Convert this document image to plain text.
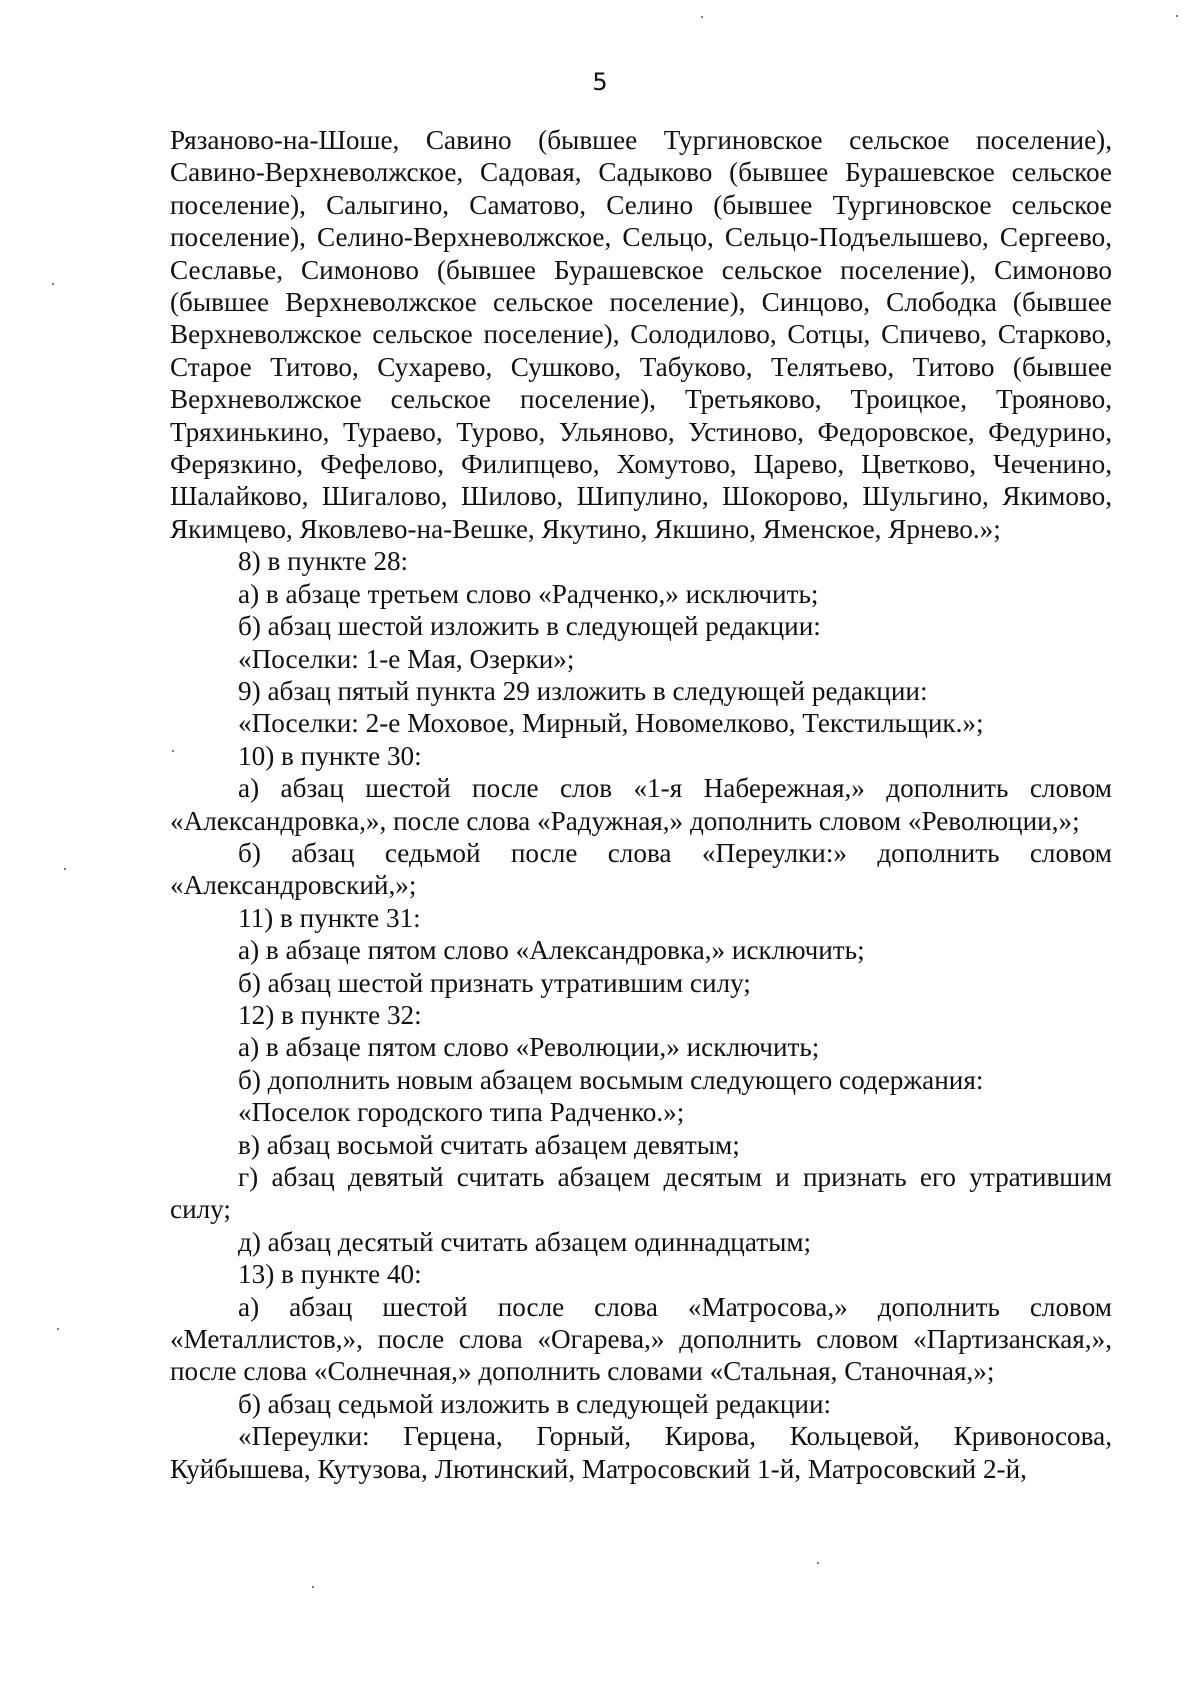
5

Рязаново-на-Шоше, Савино (бывшее Тургиновское сельское поселение), Савино-Верхневолжское, Садовая, Садыково (бывшее Бурашевское сельское поселение), Салыгино, Саматово, Селино (бывшее Тургиновское сельское поселение), Селино-Верхневолжское, Сельцо, Сельцо-Подъелышево, Сергеево, Сеславье, Симоново (бывшее Бурашевское сельское поселение), Симоново (бывшее Верхневолжское сельское поселение), Синцово, Слободка (бывшее Верхневолжское сельское поселение), Солодилово, Сотцы, Спичево, Старково, Старое Титово, Сухарево, Сушково, Табуково, Телятьево, Титово (бывшее Верхневолжское сельское поселение), Третьяково, Троицкое, Трояново, Тряхинькино, Тураево, Турово, Ульяново, Устиново, Федоровское, Федурино, Ферязкино, Фефелово, Филипцево, Хомутово, Царево, Цветково, Чеченино, Шалайково, Шигалово, Шилово, Шипулино, Шокорово, Шульгино, Якимово, Якимцево, Яковлево-на-Вешке, Якутино, Якшино, Яменское, Ярнево.»;

8) в пункте 28:

а) в абзаце третьем слово «Радченко,» исключить;

б) абзац шестой изложить в следующей редакции:

«Поселки: 1-е Мая, Озерки»;

9) абзац пятый пункта 29 изложить в следующей редакции:

«Поселки: 2-е Моховое, Мирный, Новомелково, Текстильщик.»;

10) в пункте 30:

а) абзац шестой после слов «1-я Набережная,» дополнить словом «Александровка,», после слова «Радужная,» дополнить словом «Революции,»;

б) абзац седьмой после слова «Переулки:» дополнить словом «Александровский,»;

11) в пункте 31:

а) в абзаце пятом слово «Александровка,» исключить;

б) абзац шестой признать утратившим силу;

12) в пункте 32:

а) в абзаце пятом слово «Революции,» исключить;

б) дополнить новым абзацем восьмым следующего содержания:

«Поселок городского типа Радченко.»;

в) абзац восьмой считать абзацем девятым;

г) абзац девятый считать абзацем десятым и признать его утратившим силу;

д) абзац десятый считать абзацем одиннадцатым;

13) в пункте 40:

а) абзац шестой после слова «Матросова,» дополнить словом «Металлистов,», после слова «Огарева,» дополнить словом «Партизанская,», после слова «Солнечная,» дополнить словами «Стальная, Станочная,»;

б) абзац седьмой изложить в следующей редакции:

«Переулки: Герцена, Горный, Кирова, Кольцевой, Кривоносова, Куйбышева, Кутузова, Лютинский, Матросовский 1-й, Матросовский 2-й,
